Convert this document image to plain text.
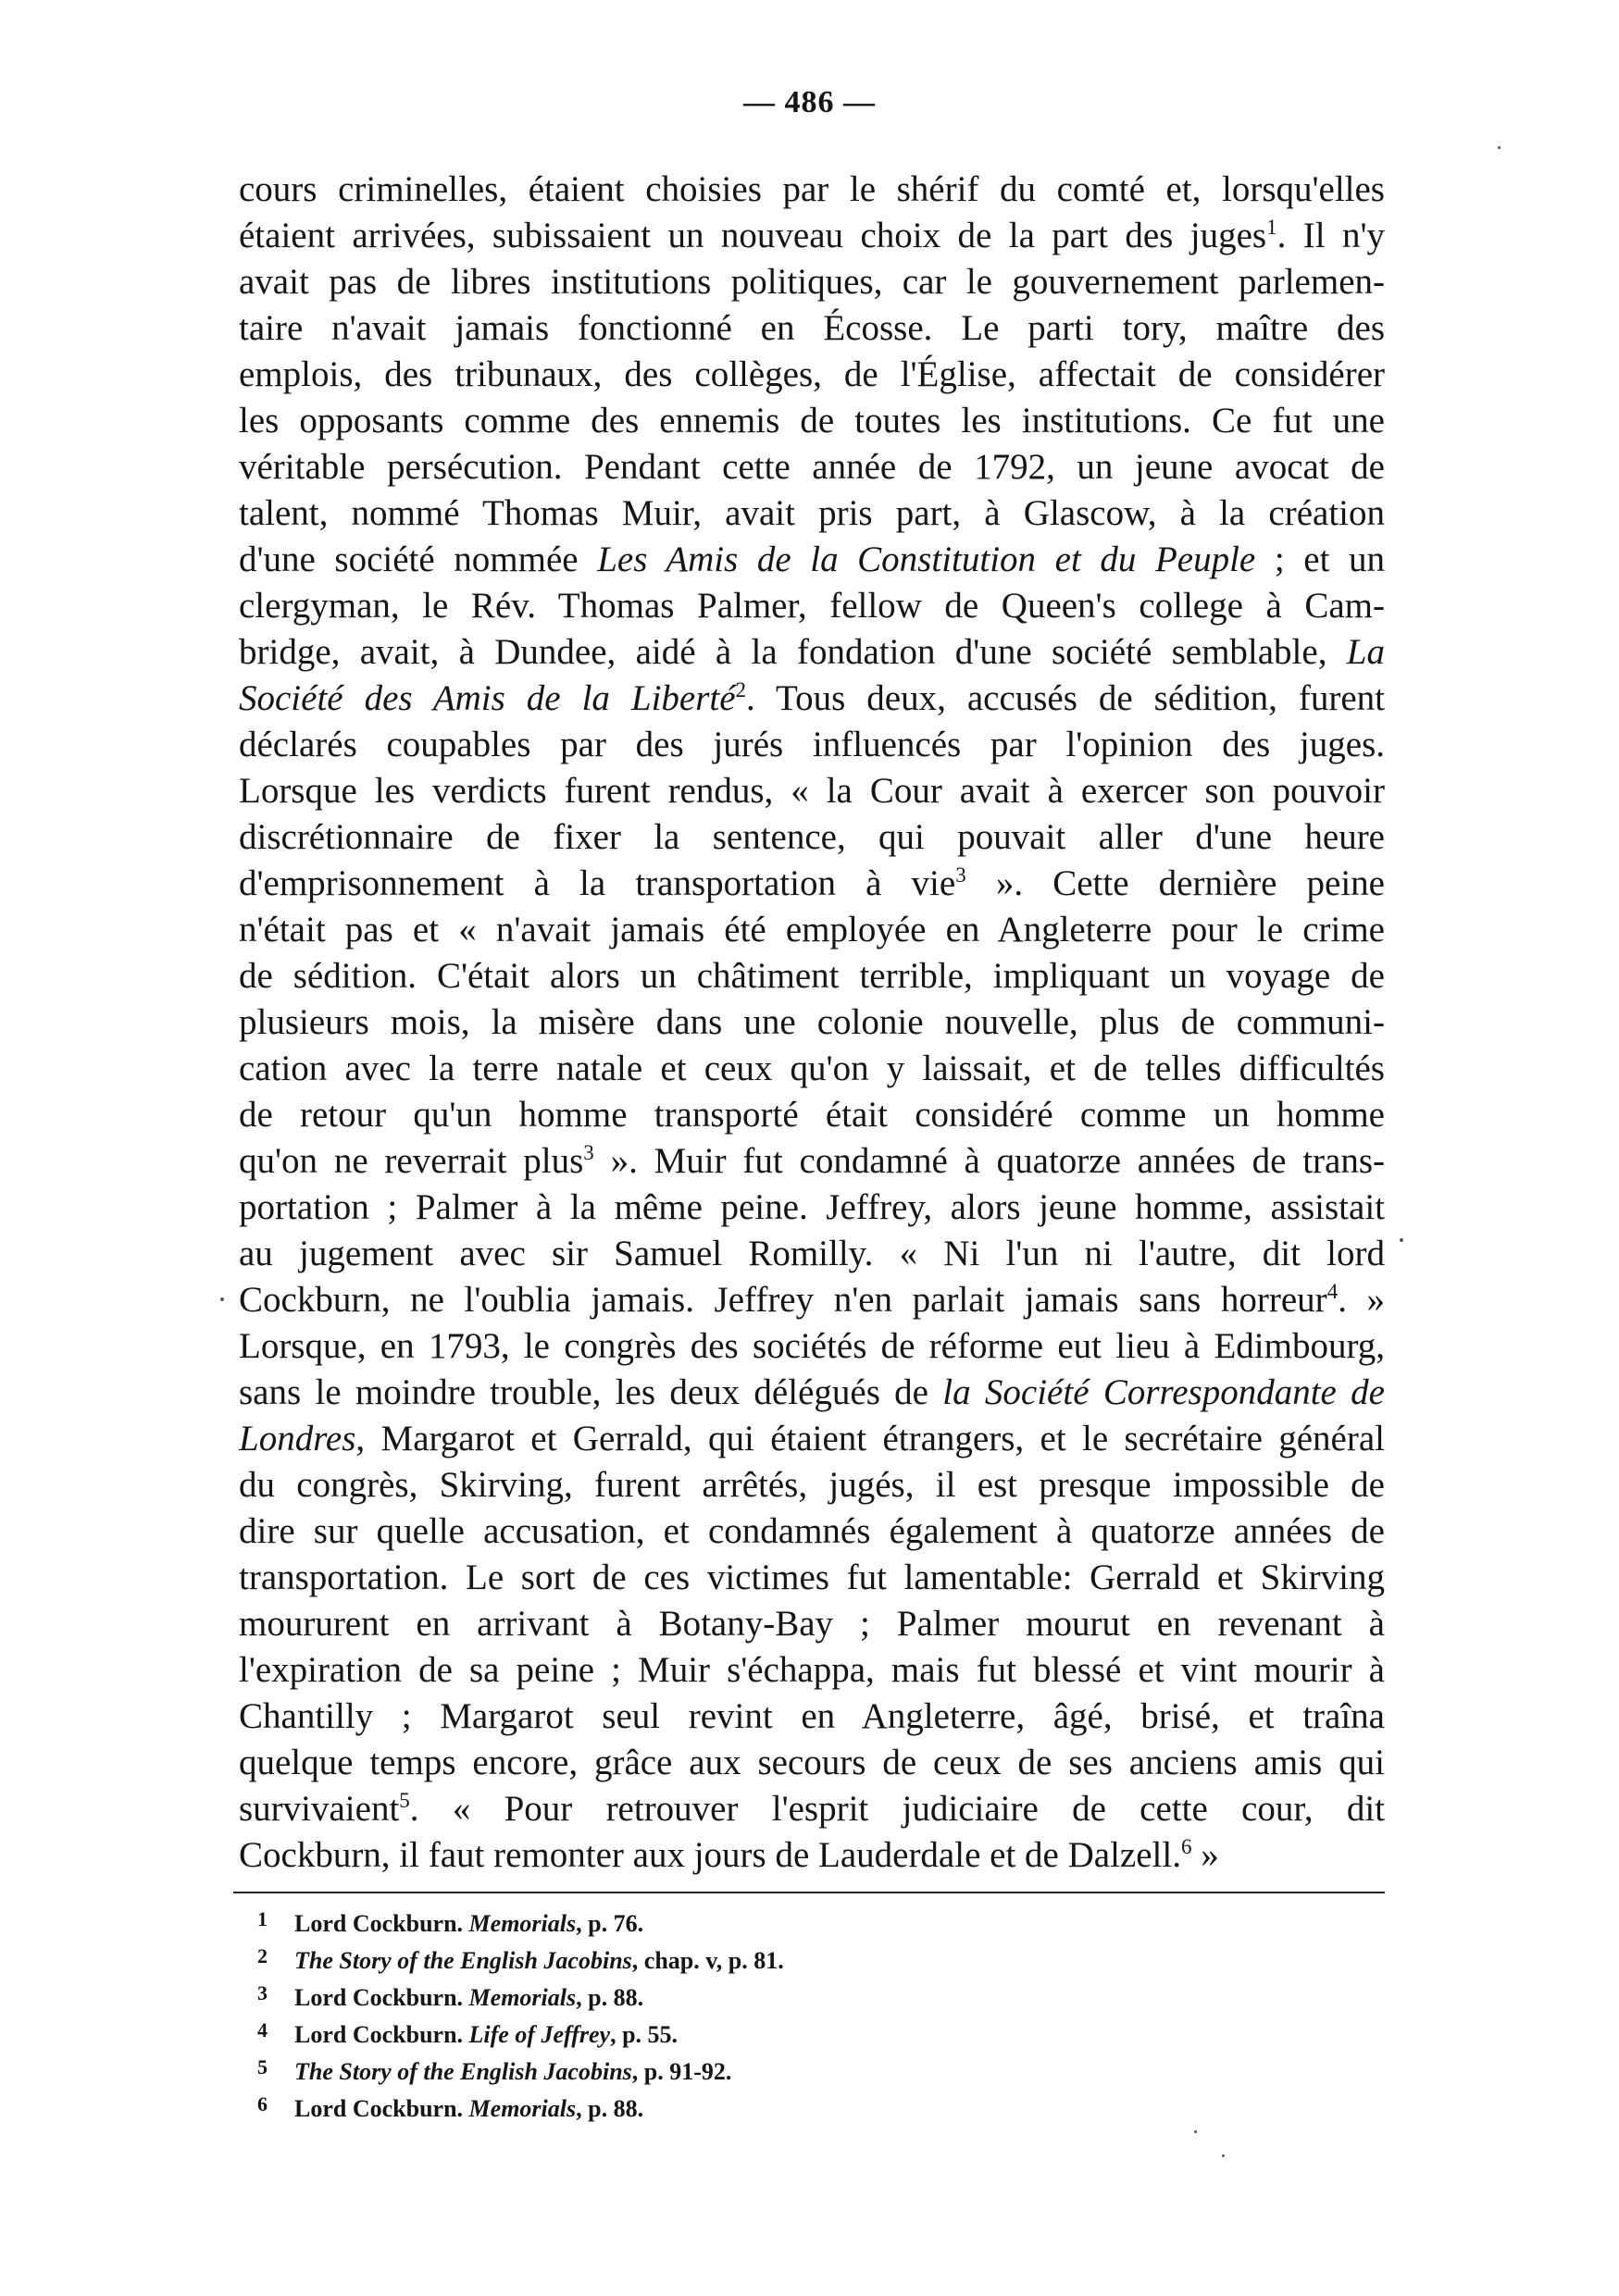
— 486 —
cours criminelles, étaient choisies par le shérif du comté et, lorsqu'elles
étaient arrivées, subissaient un nouveau choix de la part des juges$^1$. Il n'y
avait pas de libres institutions politiques, car le gouvernement parlemen-
taire n'avait jamais fonctionné en Écosse. Le parti tory, maître des
emplois, des tribunaux, des collèges, de l'Église, affectait de considérer
les opposants comme des ennemis de toutes les institutions. Ce fut une
véritable persécution. Pendant cette année de 1792, un jeune avocat de
talent, nommé Thomas Muir, avait pris part, à Glascow, à la création
d'une société nommée Les Amis de la Constitution et du Peuple ; et un
clergyman, le Rév. Thomas Palmer, fellow de Queen's college à Cam-
bridge, avait, à Dundee, aidé à la fondation d'une société semblable, La
Société des Amis de la Liberté$^2$. Tous deux, accusés de sédition, furent
déclarés coupables par des jurés influencés par l'opinion des juges.
Lorsque les verdicts furent rendus, « la Cour avait à exercer son pouvoir
discrétionnaire de fixer la sentence, qui pouvait aller d'une heure
d'emprisonnement à la transportation à vie$^3$ ». Cette dernière peine
n'était pas et « n'avait jamais été employée en Angleterre pour le crime
de sédition. C'était alors un châtiment terrible, impliquant un voyage de
plusieurs mois, la misère dans une colonie nouvelle, plus de communi-
cation avec la terre natale et ceux qu'on y laissait, et de telles difficultés
de retour qu'un homme transporté était considéré comme un homme
qu'on ne reverrait plus$^3$ ». Muir fut condamné à quatorze années de trans-
portation ; Palmer à la même peine. Jeffrey, alors jeune homme, assistait
au jugement avec sir Samuel Romilly. « Ni l'un ni l'autre, dit lord
Cockburn, ne l'oublia jamais. Jeffrey n'en parlait jamais sans horreur$^4$. »
Lorsque, en 1793, le congrès des sociétés de réforme eut lieu à Edimbourg,
sans le moindre trouble, les deux délégués de la Société Correspondante de
Londres, Margarot et Gerrald, qui étaient étrangers, et le secrétaire général
du congrès, Skirving, furent arrêtés, jugés, il est presque impossible de
dire sur quelle accusation, et condamnés également à quatorze années de
transportation. Le sort de ces victimes fut lamentable: Gerrald et Skirving
moururent en arrivant à Botany-Bay ; Palmer mourut en revenant à
l'expiration de sa peine ; Muir s'échappa, mais fut blessé et vint mourir à
Chantilly ; Margarot seul revint en Angleterre, âgé, brisé, et traîna
quelque temps encore, grâce aux secours de ceux de ses anciens amis qui
survivaient$^5$. « Pour retrouver l'esprit judiciaire de cette cour, dit
Cockburn, il faut remonter aux jours de Lauderdale et de Dalzell.$^6$ »
1 Lord Cockburn. Memorials, p. 76.
2 The Story of the English Jacobins, chap. v, p. 81.
3 Lord Cockburn. Memorials, p. 88.
4 Lord Cockburn. Life of Jeffrey, p. 55.
5 The Story of the English Jacobins, p. 91-92.
6 Lord Cockburn. Memorials, p. 88.
